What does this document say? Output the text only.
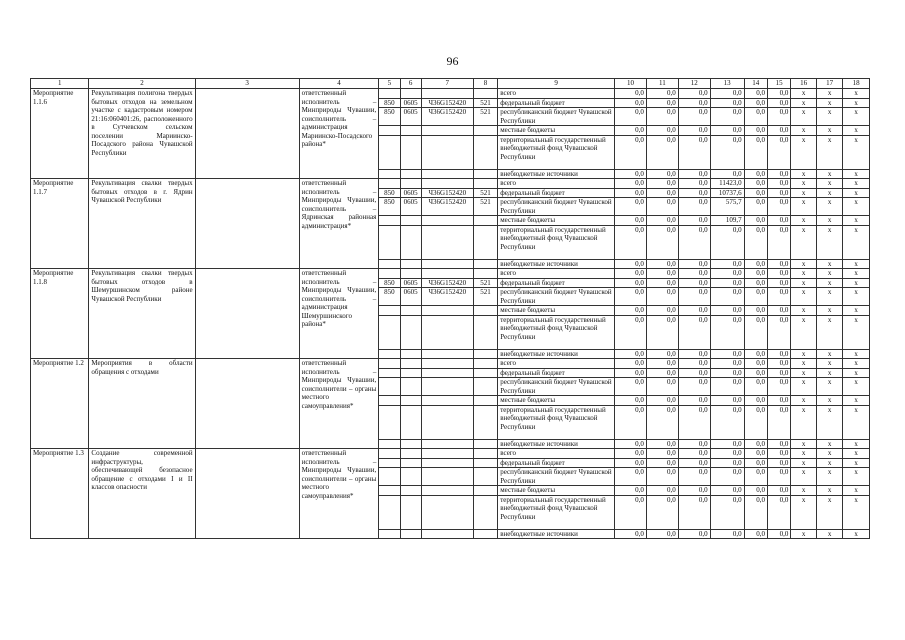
96
1	2	3	4	5	6	7	8	9	10	11	12	13	14	15	16	17	18
Мероприятие 1.1.6	Рекультивация полигона твердых бытовых отходов на земельном участке с кадастровым номером 21:16:060401:26, расположенного в Сутчевском сельском поселении Мариинско-Посадского района Чувашской Республики		ответственный исполнитель – Минприроды Чувашии, соисполнитель – администрация Мариинско-Посадского района*					всего	0,0	0,0	0,0	0,0	0,0	0,0	х	х	х
				850	0605	Ч36G152420	521	федеральный бюджет	0,0	0,0	0,0	0,0	0,0	0,0	х	х	х
				850	0605	Ч36G152420	521	республиканский бюджет Чувашской Республики	0,0	0,0	0,0	0,0	0,0	0,0	х	х	х
								местные бюджеты	0,0	0,0	0,0	0,0	0,0	0,0	х	х	х
								территориальный государственный внебюджетный фонд Чувашской Республики	0,0	0,0	0,0	0,0	0,0	0,0	х	х	х
								внебюджетные источники	0,0	0,0	0,0	0,0	0,0	0,0	х	х	х
Мероприятие 1.1.7	Рекультивация свалки твердых бытовых отходов в г. Ядрин Чувашской Республики		ответственный исполнитель – Минприроды Чувашии, соисполнитель – Ядринская районная администрация*					всего	0,0	0,0	0,0	11423,0	0,0	0,0	х	х	х
				850	0605	Ч36G152420	521	федеральный бюджет	0,0	0,0	0,0	10737,6	0,0	0,0	х	х	х
				850	0605	Ч36G152420	521	республиканский бюджет Чувашской Республики	0,0	0,0	0,0	575,7	0,0	0,0	х	х	х
								местные бюджеты	0,0	0,0	0,0	109,7	0,0	0,0	х	х	х
								территориальный государственный внебюджетный фонд Чувашской Республики	0,0	0,0	0,0	0,0	0,0	0,0	х	х	х
								внебюджетные источники	0,0	0,0	0,0	0,0	0,0	0,0	х	х	х
Мероприятие 1.1.8	Рекультивация свалки твердых бытовых отходов в Шемуршинском районе Чувашской Республики		ответственный исполнитель – Минприроды Чувашии, соисполнитель – администрация Шемуршинского района*					всего	0,0	0,0	0,0	0,0	0,0	0,0	х	х	х
				850	0605	Ч36G152420	521	федеральный бюджет	0,0	0,0	0,0	0,0	0,0	0,0	х	х	х
				850	0605	Ч36G152420	521	республиканский бюджет Чувашской Республики	0,0	0,0	0,0	0,0	0,0	0,0	х	х	х
								местные бюджеты	0,0	0,0	0,0	0,0	0,0	0,0	х	х	х
								территориальный государственный внебюджетный фонд Чувашской Республики	0,0	0,0	0,0	0,0	0,0	0,0	х	х	х
								внебюджетные источники	0,0	0,0	0,0	0,0	0,0	0,0	х	х	х
Мероприятие 1.2	Мероприятия в области обращения с отходами		ответственный исполнитель – Минприроды Чувашии, соисполнители – органы местного самоуправления*					всего	0,0	0,0	0,0	0,0	0,0	0,0	х	х	х
								федеральный бюджет	0,0	0,0	0,0	0,0	0,0	0,0	х	х	х
								республиканский бюджет Чувашской Республики	0,0	0,0	0,0	0,0	0,0	0,0	х	х	х
								местные бюджеты	0,0	0,0	0,0	0,0	0,0	0,0	х	х	х
								территориальный государственный внебюджетный фонд Чувашской Республики	0,0	0,0	0,0	0,0	0,0	0,0	х	х	х
								внебюджетные источники	0,0	0,0	0,0	0,0	0,0	0,0	х	х	х
Мероприятие 1.3	Создание современной инфраструктуры, обеспечивающей безопасное обращение с отходами I и II классов опасности		ответственный исполнитель – Минприроды Чувашии, соисполнители – органы местного самоуправления*					всего	0,0	0,0	0,0	0,0	0,0	0,0	х	х	х
								федеральный бюджет	0,0	0,0	0,0	0,0	0,0	0,0	х	х	х
								республиканский бюджет Чувашской Республики	0,0	0,0	0,0	0,0	0,0	0,0	х	х	х
								местные бюджеты	0,0	0,0	0,0	0,0	0,0	0,0	х	х	х
								территориальный государственный внебюджетный фонд Чувашской Республики	0,0	0,0	0,0	0,0	0,0	0,0	х	х	х
								внебюджетные источники	0,0	0,0	0,0	0,0	0,0	0,0	х	х	х
